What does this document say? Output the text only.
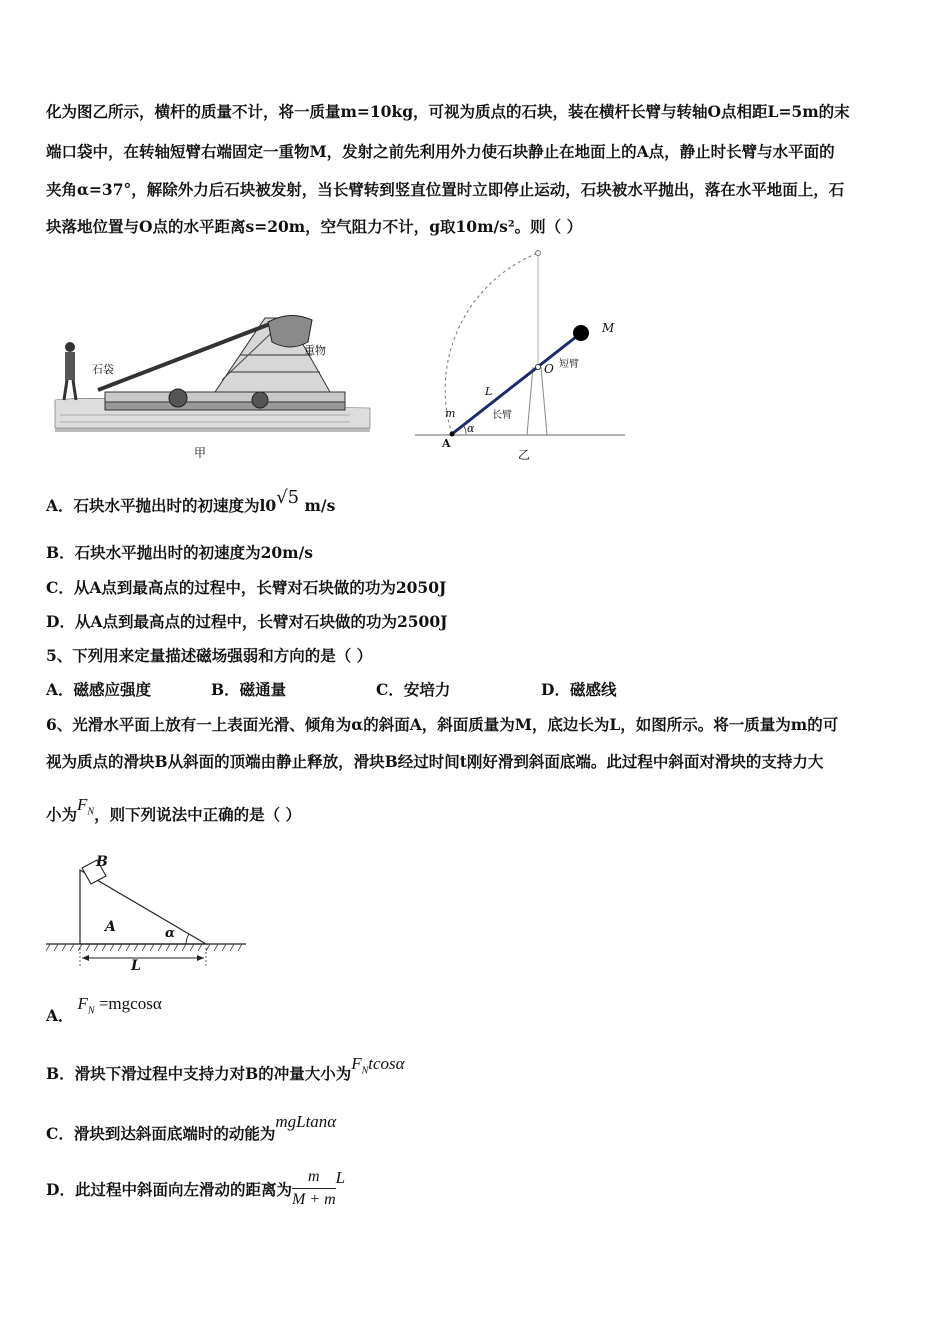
化为图乙所示，横杆的质量不计，将一质量m=10kg，可视为质点的石块，装在横杆长臂与转轴O点相距L=5m的末
端口袋中，在转轴短臂右端固定一重物M，发射之前先利用外力使石块静止在地面上的A点，静止时长臂与水平面的
夹角α=37°，解除外力后石块被发射，当长臂转到竖直位置时立即停止运动，石块被水平抛出，落在水平地面上，石
块落地位置与O点的水平距离s=20m，空气阻力不计，g取10m/s²。则（ ）
石袋
重物
甲
M
O 短臂
L
长臂
m
α
A
乙
A．石块水平抛出时的初速度为l0√5 m/s
B．石块水平抛出时的初速度为20m/s
C．从A点到最高点的过程中，长臂对石块做的功为2050J
D．从A点到最高点的过程中，长臂对石块做的功为2500J
5、下列用来定量描述磁场强弱和方向的是（ ）
A．磁感应强度	B．磁通量	C．安培力	D．磁感线
6、光滑水平面上放有一上表面光滑、倾角为α的斜面A，斜面质量为M，底边长为L，如图所示。将一质量为m的可
视为质点的滑块B从斜面的顶端由静止释放，滑块B经过时间t刚好滑到斜面底端。此过程中斜面对滑块的支持力大
小为$F_N$，则下列说法中正确的是（ ）
B
A	α
L
A．$F_N =mgcos\alpha$
B．滑块下滑过程中支持力对B的冲量大小为$F_Ntcos\alpha$
C．滑块到达斜面底端时的动能为mgLtanα
D．此过程中斜面向左滑动的距离为 $\frac{m}{M + m}$ L
